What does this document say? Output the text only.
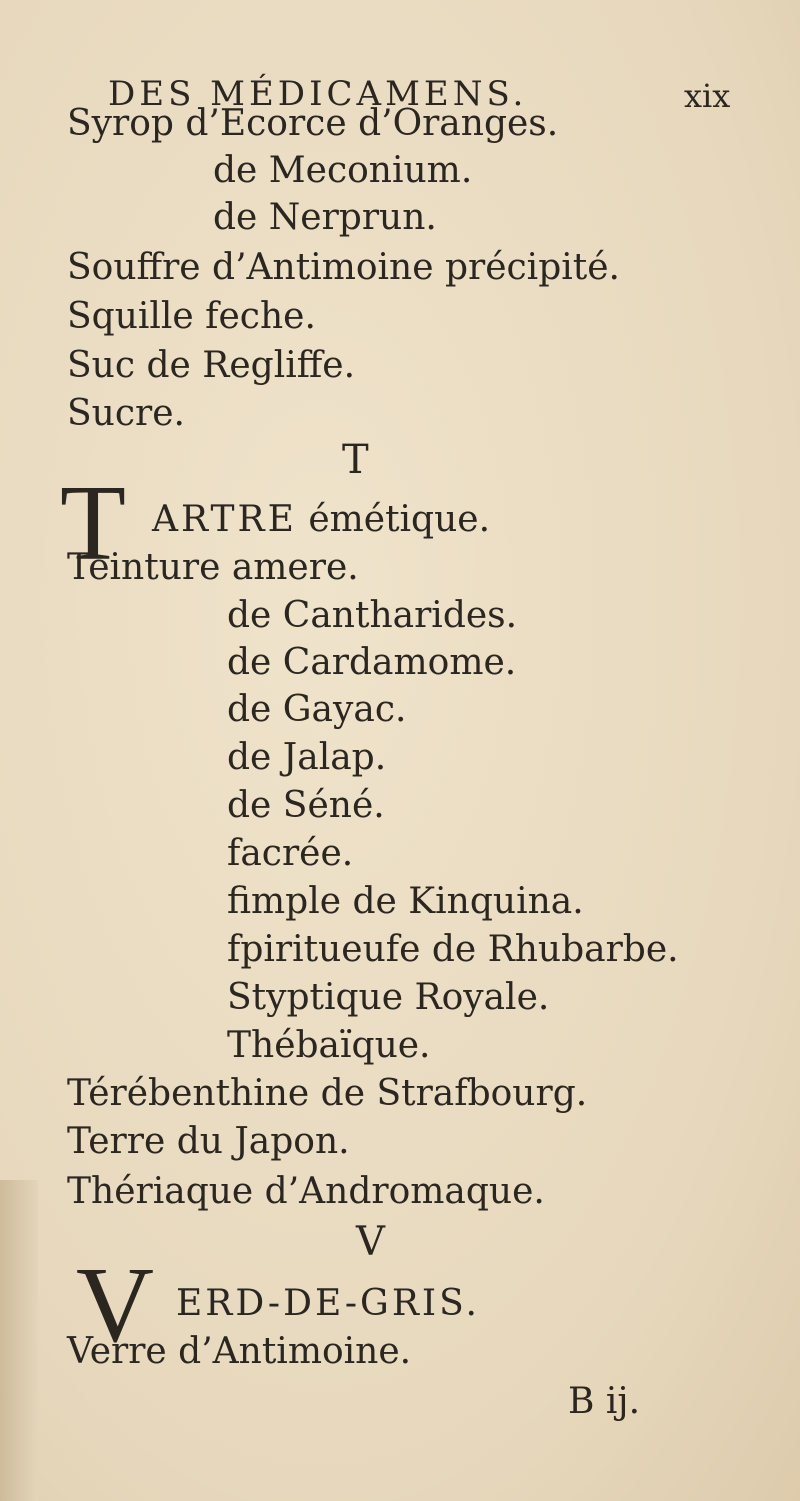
DES MÉDICAMENS.	xix
Syrop d’Ecorce d’Oranges.
de Meconium.
de Nerprun.
Souffre d’Antimoine précipité.
Squille feche.
Suc de Regliffe.
Sucre.
T
T ARTRE émétique.
Teinture amere.
de Cantharides.
de Cardamome.
de Gayac.
de Jalap.
de Séné.
facrée.
fimple de Kinquina.
fpiritueufe de Rhubarbe.
Styptique Royale.
Thébaïque.
Térébenthine de Strafbourg.
Terre du Japon.
Thériaque d’Andromaque.
V
V ERD-DE-GRIS.
Verre d’Antimoine.
B ij.
